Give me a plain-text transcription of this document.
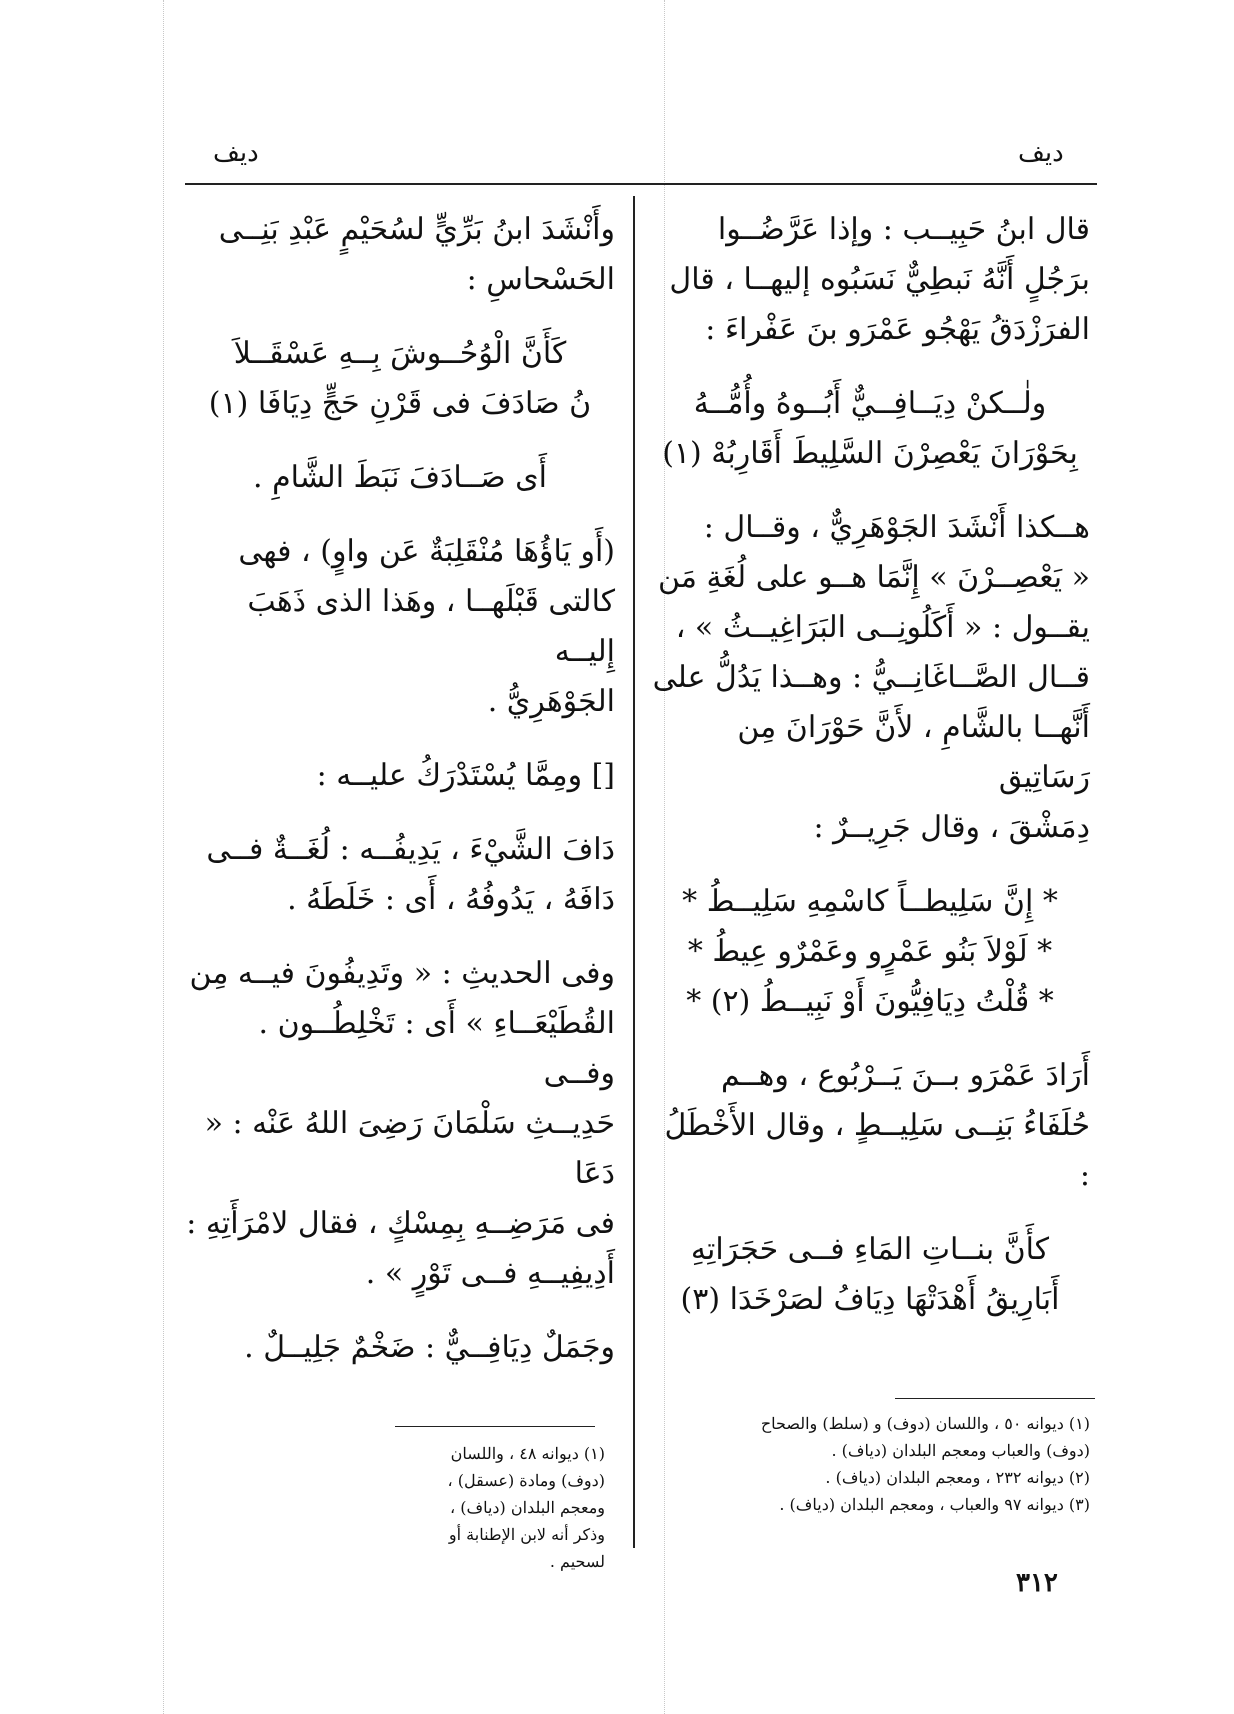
ديف	ديف

قال ابنُ حَبِيــب : وإذا عَرَّضُــوا

برَجُلٍ أَنَّهُ نَبطِيٌّ نَسَبُوه إليهــا ، قال

الفرَزْدَقُ يَهْجُو عَمْرَو بنَ عَفْراءَ :

ولٰــكنْ دِيَــافِــيٌّ أَبُــوهُ وأُمُّــهُ

بِحَوْرَانَ يَعْصِرْنَ السَّلِيطَ أَقَارِبُهْ (١)

هــكذا أَنْشَدَ الجَوْهَرِيٌّ ، وقــال :

« يَعْصِــرْنَ » إِنَّمَا هــو على لُغَةِ مَن

يقــول : « أَكَلُونِــى البَرَاغِيــثُ » ،

قــال الصَّــاغَانِــيُّ : وهــذا يَدُلُّ على

أَنَّهــا بالشَّامِ ، لأَنَّ حَوْرَانَ مِن رَسَاتِيق

دِمَشْقَ ، وقال جَرِيــرٌ :

* إِنَّ سَلِيطــاً كاسْمِهِ سَلِيــطُ *

* لَوْلاَ بَنُو عَمْرٍو وعَمْرٌو عِيطُ *

* قُلْتُ دِيَافِيُّونَ أَوْ نَبِيــطُ (٢) *

أَرَادَ عَمْرَو بــنَ يَــرْبُوع ، وهــم

حُلَفَاءُ بَنِــى سَلِيــطٍ ، وقال الأَخْطَلُ :

كأَنَّ بنــاتِ المَاءِ فــى حَجَرَاتِهِ

أَبَارِيقُ أَهْدَتْهَا دِيَافُ لصَرْخَدَا (٣)

وأَنْشَدَ ابنُ بَرِّيٍّ لسُحَيْمٍ عَبْدِ بَنِــى

الحَسْحاسِ :

كَأَنَّ الْوُحُــوشَ بِــهِ عَسْقَــلاَ

نُ صَادَفَ فى قَرْنِ حَجٍّ دِيَافَا (١)

أَى صَــادَفَ نَبَطَ الشَّامِ .

(أَو يَاؤُهَا مُنْقَلِبَةٌ عَن واوٍ) ، فهى

كالتى قَبْلَهــا ، وهَذا الذى ذَهَبَ إِليــه

الجَوْهَرِيُّ .

[] ومِمَّا يُسْتَدْرَكُ عليــه :

دَافَ الشَّيْءَ ، يَدِيفُــه : لُغَــةٌ فــى

دَافَهُ ، يَدُوفُهُ ، أَى : خَلَطَهُ .

وفى الحديثِ : « وتَدِيفُونَ فيــه مِن

القُطَيْعَــاءِ » أَى : تَخْلِطُــون . وفــى

حَدِيــثِ سَلْمَانَ رَضِىَ اللهُ عَنْه : « دَعَا

فى مَرَضِــهِ بِمِسْكٍ ، فقال لامْرَأَتِهِ :

أَدِيفِيــهِ فــى تَوْرٍ » .

وجَمَلٌ دِيَافِــيٌّ : ضَخْمٌ جَلِيــلٌ .

(١) ديوانه ٤٨ ، واللسان (دوف) ومادة (عسقل) ،

ومعجم البلدان (دياف) ، وذكر أنه لابن الإطنابة أو

لسحيم .

(١) ديوانه ٥٠ ، واللسان (دوف) و (سلط) والصحاح

(دوف) والعباب ومعجم البلدان (دياف) .

(٢) ديوانه ٢٣٢ ، ومعجم البلدان (دياف) .

(٣) ديوانه ٩٧ والعباب ، ومعجم البلدان (دياف) .

٣١٢
